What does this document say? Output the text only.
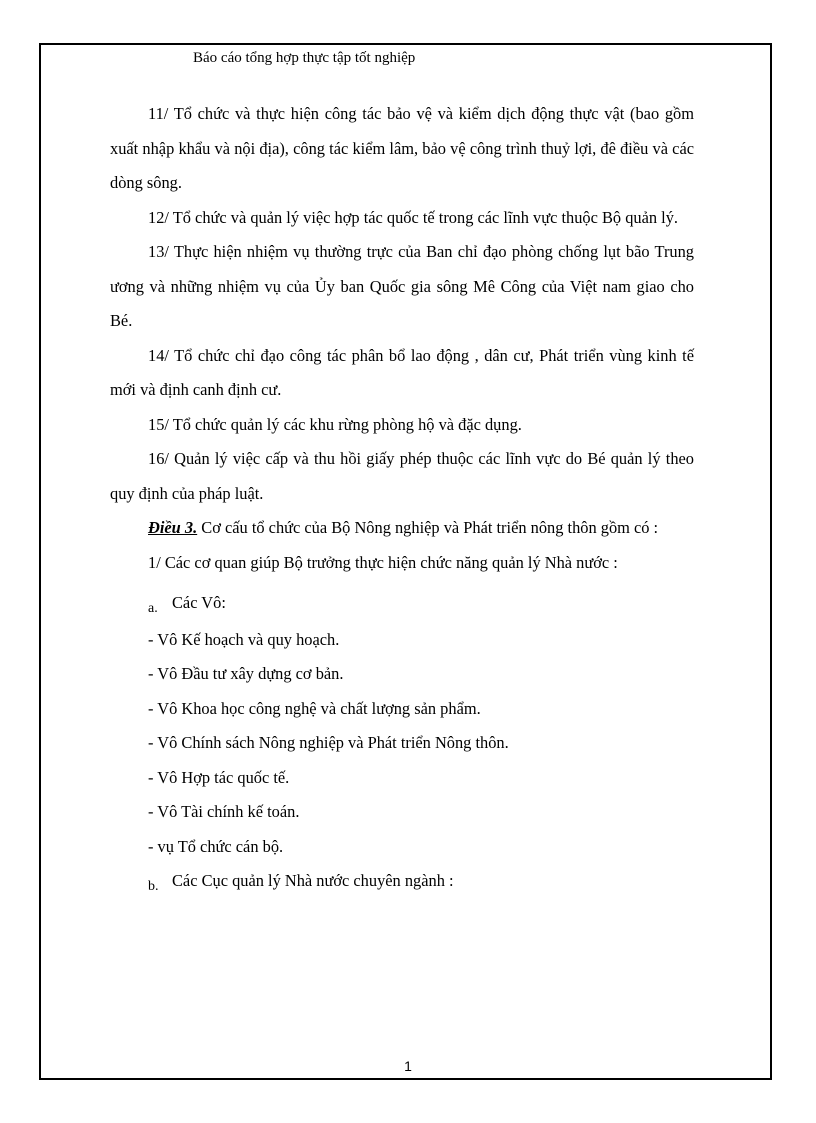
Báo cáo tổng hợp thực tập tốt nghiệp

11/ Tổ chức và thực hiện công tác bảo vệ và kiểm dịch động thực vật (bao gồm xuất nhập khẩu và nội địa), công tác kiểm lâm, bảo vệ công trình thuỷ lợi, đê điều và các dòng sông.

12/ Tổ chức và quản lý việc hợp tác quốc tế trong các lĩnh vực thuộc Bộ quản lý.

13/ Thực hiện nhiệm vụ thường trực của Ban chỉ đạo phòng chống lụt bão Trung ương và những nhiệm vụ của Ủy ban Quốc gia sông Mê Công của Việt nam giao cho Bé.

14/ Tổ chức chỉ đạo công tác phân bổ lao động , dân cư, Phát triển vùng kinh tế mới và định canh định cư.

15/ Tổ chức quản lý các khu rừng phòng hộ và đặc dụng.

16/ Quản lý việc cấp và thu hồi giấy phép thuộc các lĩnh vực do Bé quản lý theo quy định của pháp luật.

Điều 3. Cơ cấu tổ chức của Bộ Nông nghiệp và Phát triển nông thôn gồm có :

1/ Các cơ quan giúp Bộ trưởng thực hiện chức năng quản lý Nhà nước :

a. Các Vô:

- Vô Kế hoạch và quy hoạch.

- Vô Đầu tư xây dựng cơ bản.

- Vô Khoa học công nghệ và chất lượng sản phẩm.

- Vô Chính sách Nông nghiệp và Phát triển Nông thôn.

- Vô Hợp tác quốc tế.

- Vô Tài chính kế toán.

- vụ Tổ chức cán bộ.

b. Các Cục quản lý Nhà nước chuyên ngành :

1
